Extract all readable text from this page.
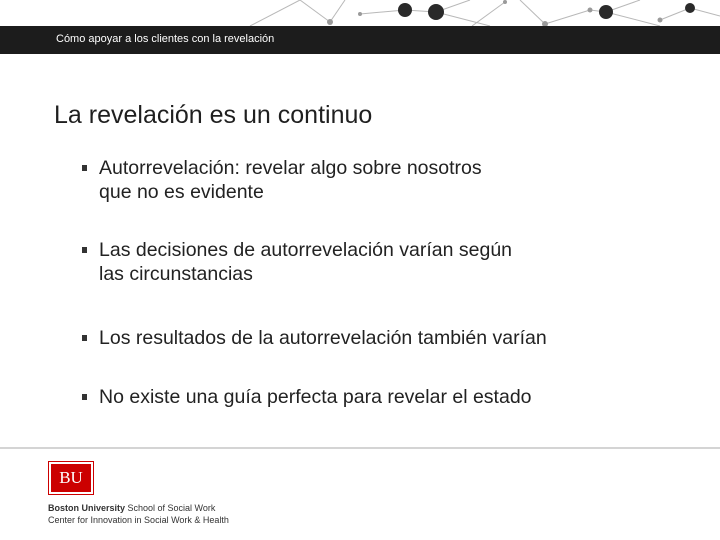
Cómo apoyar a los clientes con la revelación
La revelación es un continuo
Autorrevelación: revelar algo sobre nosotros
que no es evidente
Las decisiones de autorrevelación varían según
las circunstancias
Los resultados de la autorrevelación también varían
No existe una guía perfecta para revelar el estado
BU
Boston University School of Social Work
Center for Innovation in Social Work & Health
